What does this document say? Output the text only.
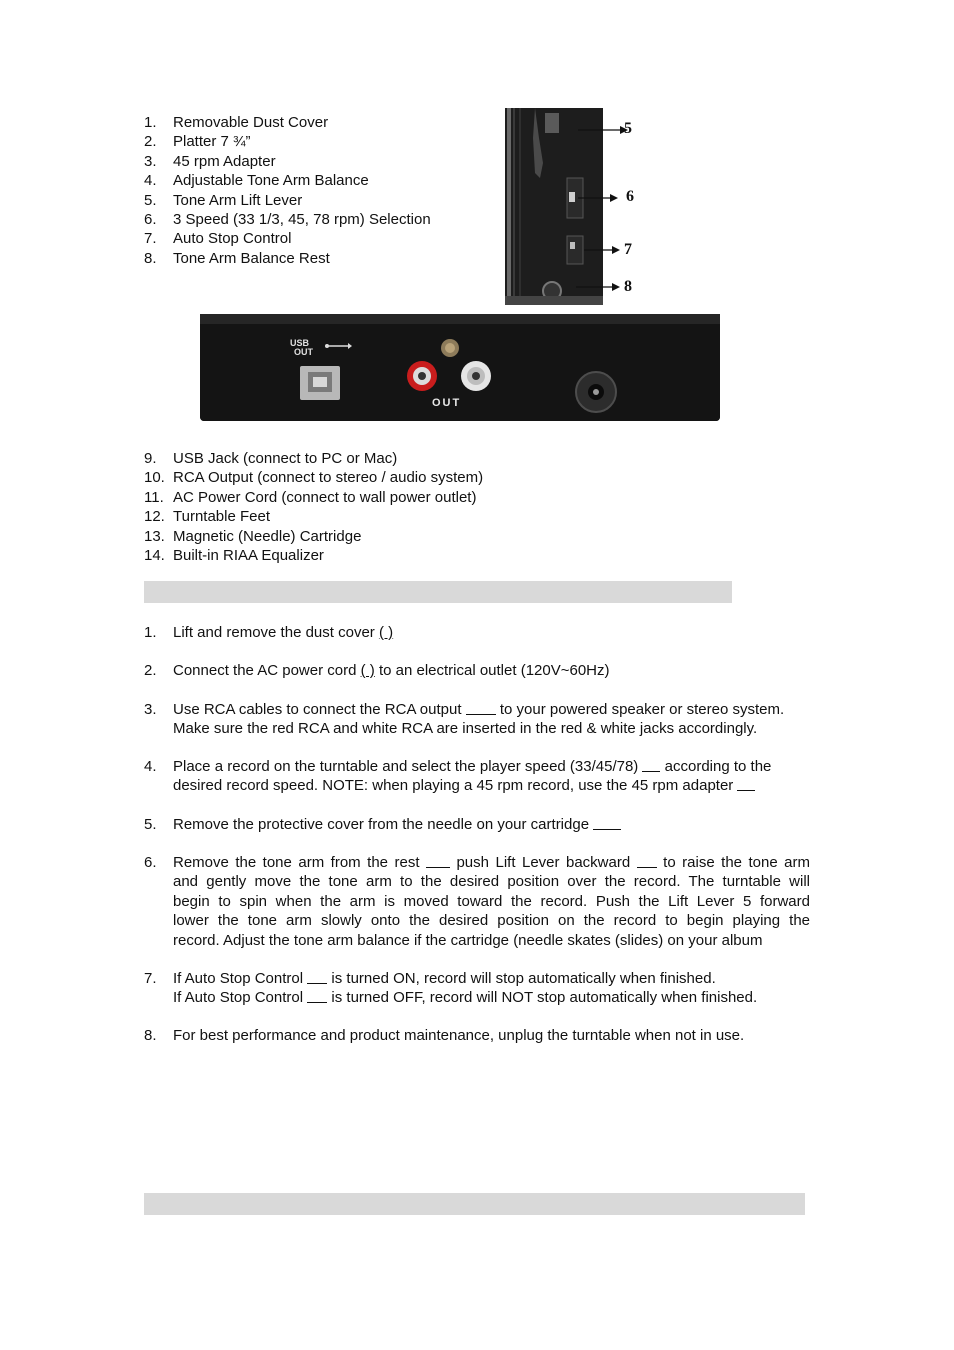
1. Removable Dust Cover
2. Platter 7 ¾”
3. 45 rpm Adapter
4. Adjustable Tone Arm Balance
5. Tone Arm Lift Lever
6. 3 Speed (33 1/3, 45, 78 rpm) Selection
7. Auto Stop Control
8. Tone Arm Balance Rest
5
6
7
8
USB
OUT
OUT
9. USB Jack (connect to PC or Mac)
10. RCA Output (connect to stereo / audio system)
11. AC Power Cord (connect to wall power outlet)
12. Turntable Feet
13. Magnetic (Needle) Cartridge
14. Built-in RIAA Equalizer
1. Lift and remove the dust cover ( )
2. Connect the AC power cord ( ) to an electrical outlet (120V~60Hz)
3. Use RCA cables to connect the RCA output  to your powered speaker or stereo system.
Make sure the red RCA and white RCA are inserted in the red & white jacks accordingly.
4. Place a record on the turntable and select the player speed (33/45/78)  according to the
desired record speed. NOTE: when playing a 45 rpm record, use the 45 rpm adapter
5. Remove the protective cover from the needle on your cartridge
6. Remove the tone arm from the rest  push Lift Lever backward  to raise the tone arm
and gently move the tone arm to the desired position over the record. The turntable will
begin to spin when the arm is moved toward the record. Push the Lift Lever 5 forward
lower the tone arm slowly onto the desired position on the record to begin playing the
record. Adjust the tone arm balance if the cartridge (needle skates (slides) on your album
7. If Auto Stop Control  is turned ON, record will stop automatically when finished.
If Auto Stop Control  is turned OFF, record will NOT stop automatically when finished.
8. For best performance and product maintenance, unplug the turntable when not in use.
